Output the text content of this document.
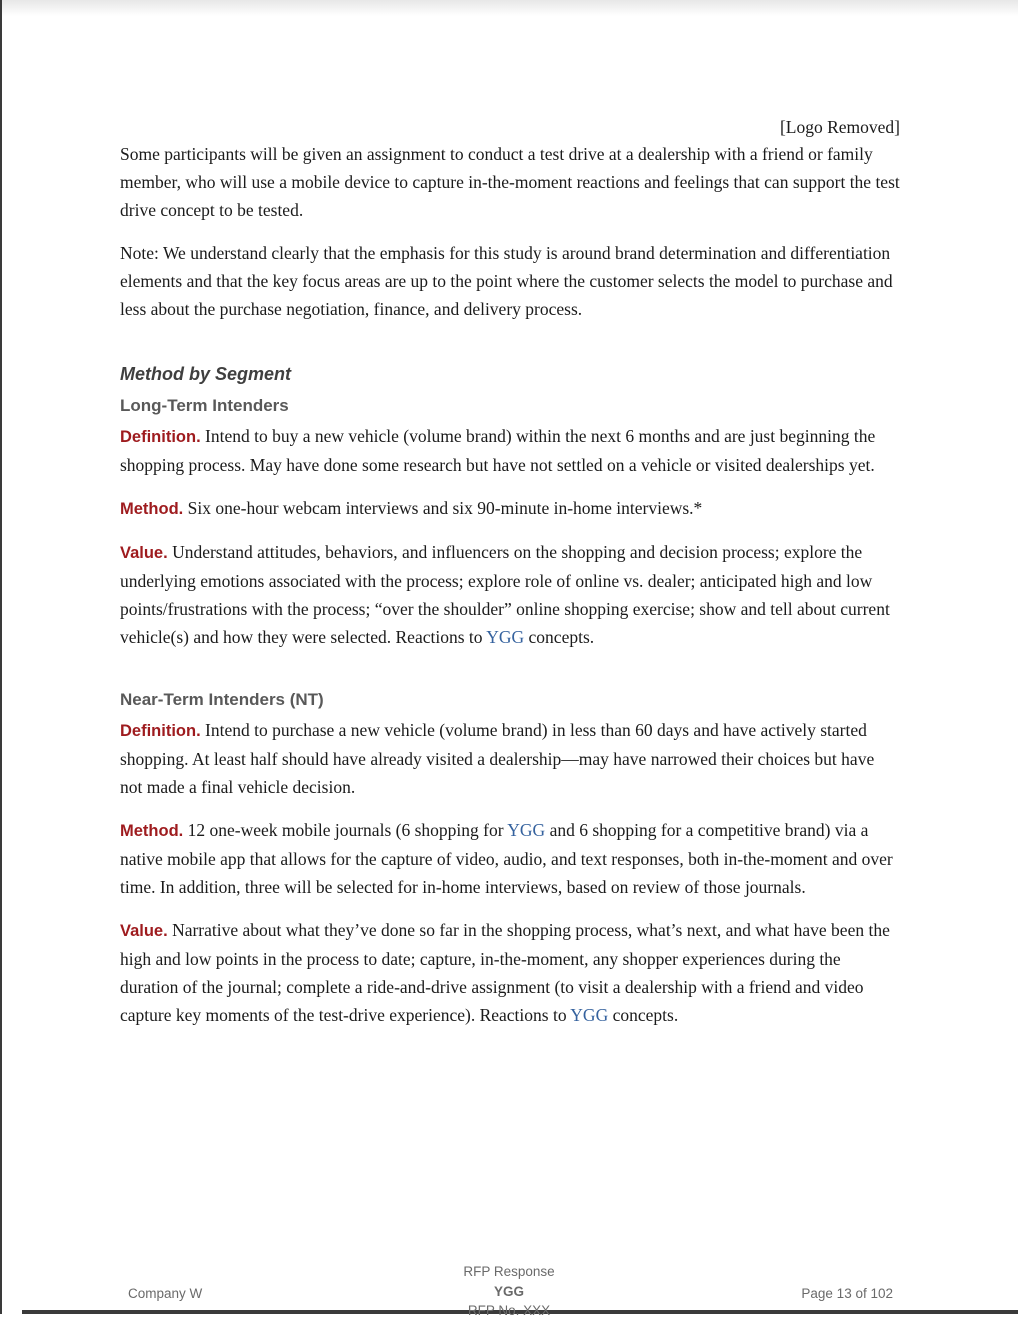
[Logo Removed]

Some participants will be given an assignment to conduct a test drive at a dealership with a friend or family member, who will use a mobile device to capture in-the-moment reactions and feelings that can support the test drive concept to be tested.

Note: We understand clearly that the emphasis for this study is around brand determination and differentiation elements and that the key focus areas are up to the point where the customer selects the model to purchase and less about the purchase negotiation, finance, and delivery process.

Method by Segment
Long-Term Intenders

Definition. Intend to buy a new vehicle (volume brand) within the next 6 months and are just beginning the shopping process. May have done some research but have not settled on a vehicle or visited dealerships yet.

Method. Six one-hour webcam interviews and six 90-minute in-home interviews.*

Value. Understand attitudes, behaviors, and influencers on the shopping and decision process; explore the underlying emotions associated with the process; explore role of online vs. dealer; anticipated high and low points/frustrations with the process; “over the shoulder” online shopping exercise; show and tell about current vehicle(s) and how they were selected. Reactions to YGG concepts.

Near-Term Intenders (NT)

Definition. Intend to purchase a new vehicle (volume brand) in less than 60 days and have actively started shopping. At least half should have already visited a dealership—may have narrowed their choices but have not made a final vehicle decision.

Method. 12 one-week mobile journals (6 shopping for YGG and 6 shopping for a competitive brand) via a native mobile app that allows for the capture of video, audio, and text responses, both in-the-moment and over time. In addition, three will be selected for in-home interviews, based on review of those journals.

Value. Narrative about what they’ve done so far in the shopping process, what’s next, and what have been the high and low points in the process to date; capture, in-the-moment, any shopper experiences during the duration of the journal; complete a ride-and-drive assignment (to visit a dealership with a friend and video capture key moments of the test-drive experience). Reactions to YGG concepts.

Company W
RFP Response
YGG
RFP No. XXX
Page 13 of 102
